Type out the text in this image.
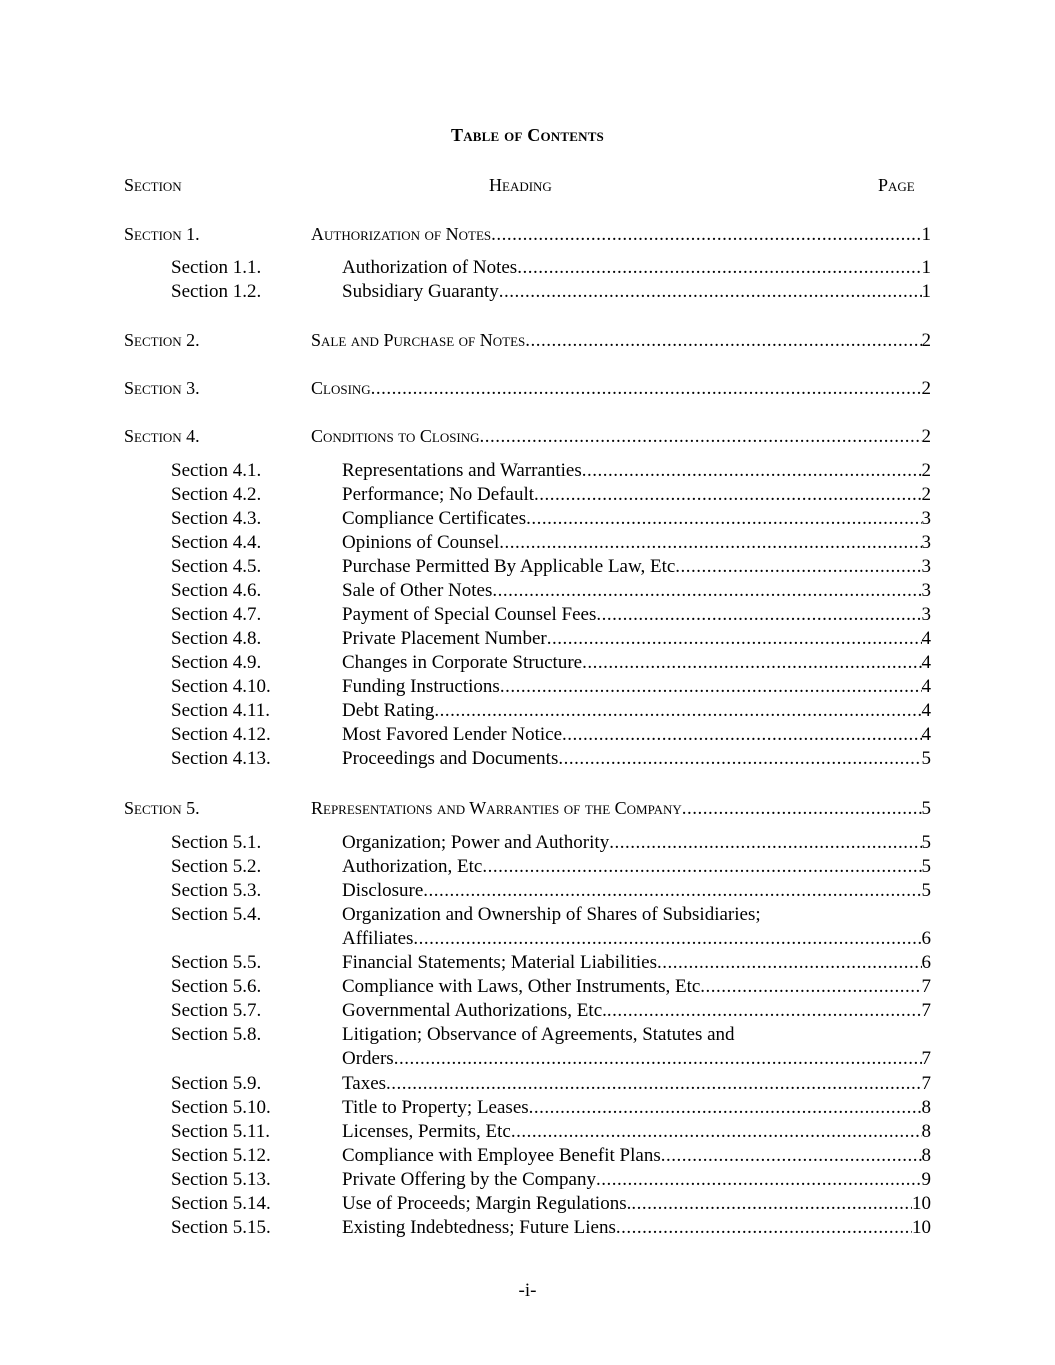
Table of Contents
Section	Heading	Page
Section 1.	Authorization of Notes .....	1
Section 1.1.	Authorization of Notes .....	1
Section 1.2.	Subsidiary Guaranty .....	1
Section 2.	Sale and Purchase of Notes .....	2
Section 3.	Closing .....	2
Section 4.	Conditions to Closing .....	2
Section 4.1.	Representations and Warranties .....	2
Section 4.2.	Performance; No Default .....	2
Section 4.3.	Compliance Certificates .....	3
Section 4.4.	Opinions of Counsel .....	3
Section 4.5.	Purchase Permitted By Applicable Law, Etc .....	3
Section 4.6.	Sale of Other Notes .....	3
Section 4.7.	Payment of Special Counsel Fees .....	3
Section 4.8.	Private Placement Number .....	4
Section 4.9.	Changes in Corporate Structure .....	4
Section 4.10.	Funding Instructions .....	4
Section 4.11.	Debt Rating .....	4
Section 4.12.	Most Favored Lender Notice .....	4
Section 4.13.	Proceedings and Documents .....	5
Section 5.	Representations and Warranties of the Company .....	5
Section 5.1.	Organization; Power and Authority .....	5
Section 5.2.	Authorization, Etc .....	5
Section 5.3.	Disclosure .....	5
Section 5.4.	Organization and Ownership of Shares of Subsidiaries;
Affiliates .....	6
Section 5.5.	Financial Statements; Material Liabilities .....	6
Section 5.6.	Compliance with Laws, Other Instruments, Etc .....	7
Section 5.7.	Governmental Authorizations, Etc. .....	7
Section 5.8.	Litigation; Observance of Agreements, Statutes and
Orders .....	7
Section 5.9.	Taxes .....	7
Section 5.10.	Title to Property; Leases .....	8
Section 5.11.	Licenses, Permits, Etc .....	8
Section 5.12.	Compliance with Employee Benefit Plans .....	8
Section 5.13.	Private Offering by the Company .....	9
Section 5.14.	Use of Proceeds; Margin Regulations. .....	10
Section 5.15.	Existing Indebtedness; Future Liens .....	10
-i-
